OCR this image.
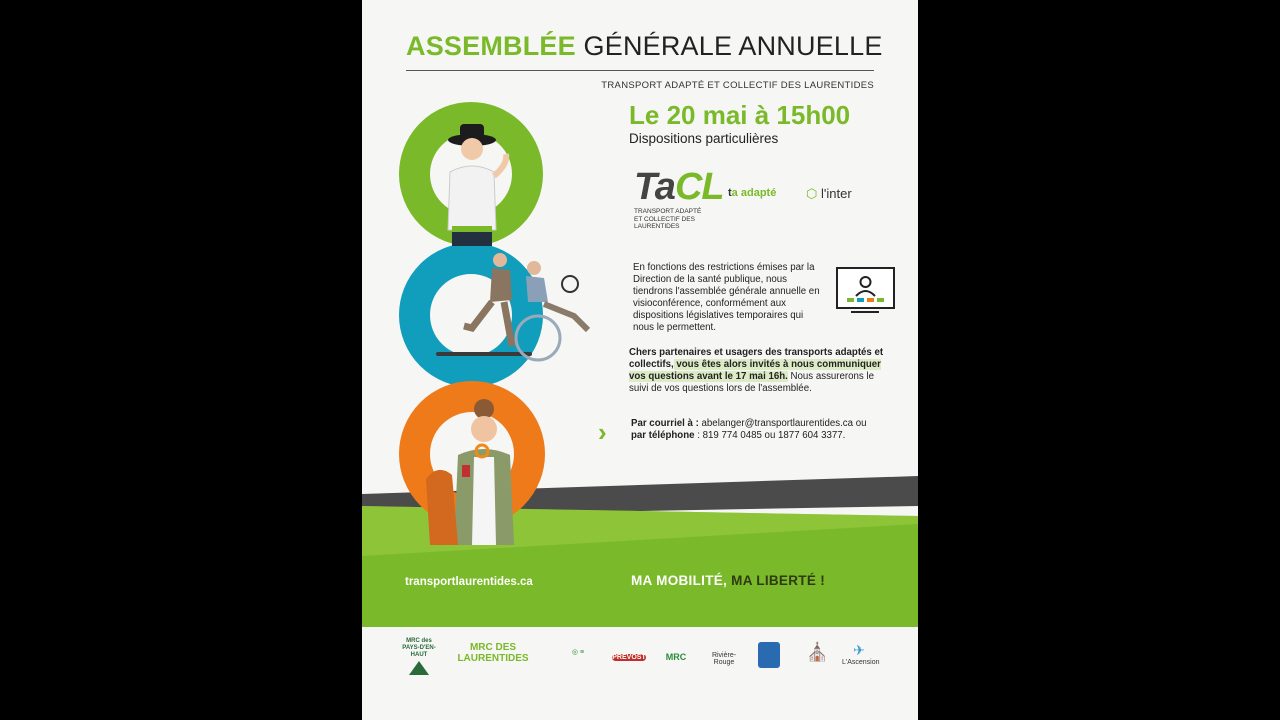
ASSEMBLÉE GÉNÉRALE ANNUELLE
TRANSPORT ADAPTÉ ET COLLECTIF DES LAURENTIDES
Le 20 mai à 15h00
Dispositions particulières
TaCL
TRANSPORT ADAPTÉ
ET COLLECTIF DES
LAURENTIDES
ta adapté ⬡ l'inter
En fonctions des restrictions émises par la Direction de la santé publique, nous tiendrons l'assemblée générale annuelle en visioconférence, conformément aux dispositions législatives temporaires qui nous le permettent.
Chers partenaires et usagers des transports adaptés et collectifs, vous êtes alors invités à nous communiquer vos questions avant le 17 mai 16h. Nous assurerons le suivi de vos questions lors de l'assemblée.
›	Par courriel à : abelanger@transportlaurentides.ca ou
par téléphone : 819 774 0485 ou 1877 604 3377.
transportlaurentides.ca	MA MOBILITÉ, MA LIBERTÉ !
MRC des PAYS-D'EN-HAUT
MRC DES LAURENTIDES
◎ ≡
PRÉVOST	MRC	Rivière-Rouge
⛪	✈
L'Ascension
